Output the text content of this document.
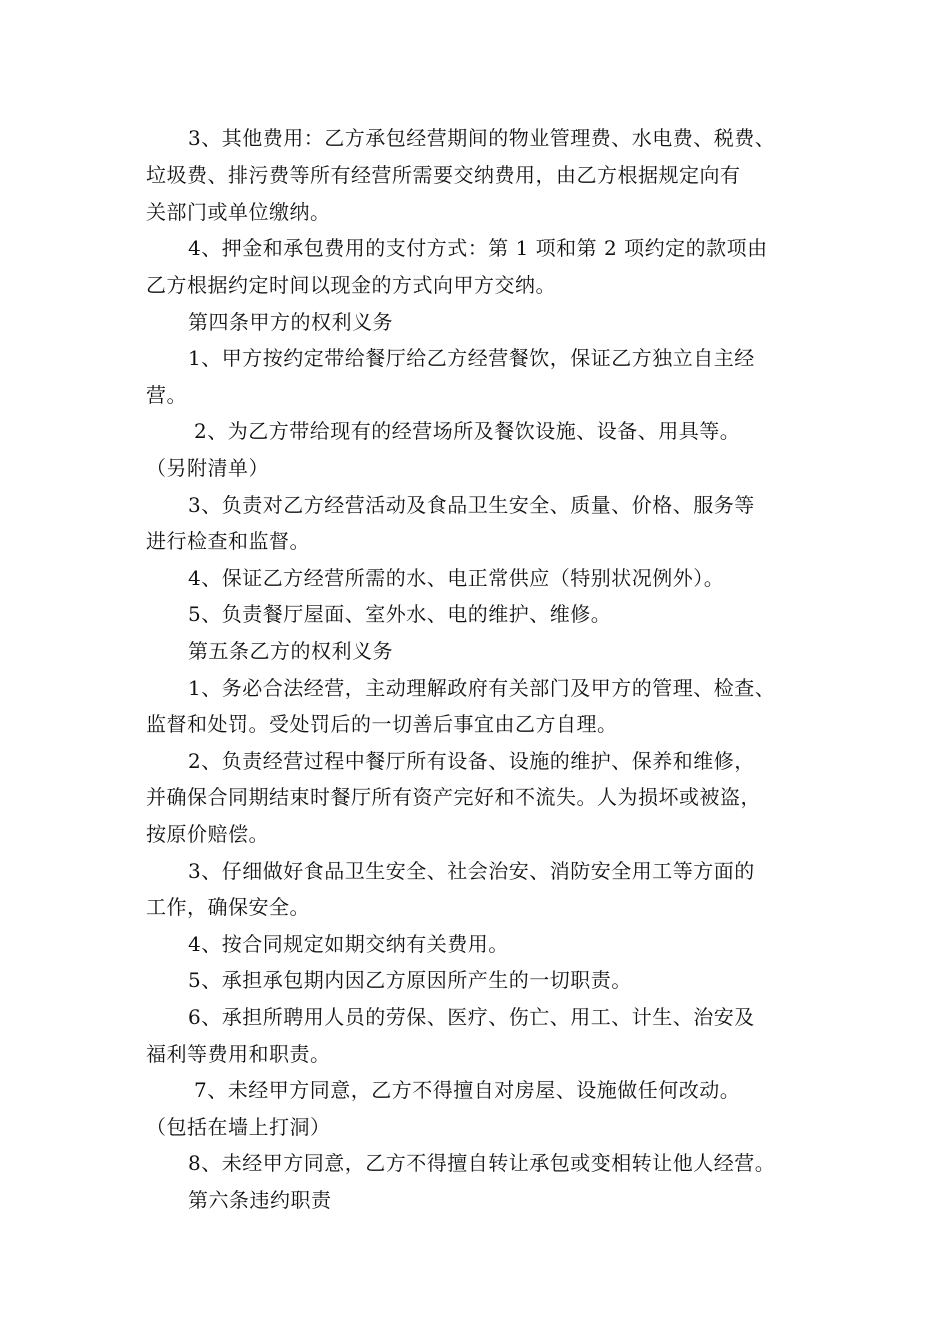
3、其他费用：乙方承包经营期间的物业管理费、水电费、税费、
垃圾费、排污费等所有经营所需要交纳费用，由乙方根据规定向有
关部门或单位缴纳。
4、押金和承包费用的支付方式：第 1 项和第 2 项约定的款项由
乙方根据约定时间以现金的方式向甲方交纳。
第四条甲方的权利义务
1、甲方按约定带给餐厅给乙方经营餐饮，保证乙方独立自主经
营。
2、为乙方带给现有的经营场所及餐饮设施、设备、用具等。
（另附清单）
3、负责对乙方经营活动及食品卫生安全、质量、价格、服务等
进行检查和监督。
4、保证乙方经营所需的水、电正常供应（特别状况例外）。
5、负责餐厅屋面、室外水、电的维护、维修。
第五条乙方的权利义务
1、务必合法经营，主动理解政府有关部门及甲方的管理、检查、
监督和处罚。受处罚后的一切善后事宜由乙方自理。
2、负责经营过程中餐厅所有设备、设施的维护、保养和维修，
并确保合同期结束时餐厅所有资产完好和不流失。人为损坏或被盗，
按原价赔偿。
3、仔细做好食品卫生安全、社会治安、消防安全用工等方面的
工作，确保安全。
4、按合同规定如期交纳有关费用。
5、承担承包期内因乙方原因所产生的一切职责。
6、承担所聘用人员的劳保、医疗、伤亡、用工、计生、治安及
福利等费用和职责。
7、未经甲方同意，乙方不得擅自对房屋、设施做任何改动。
（包括在墙上打洞）
8、未经甲方同意，乙方不得擅自转让承包或变相转让他人经营。
第六条违约职责
